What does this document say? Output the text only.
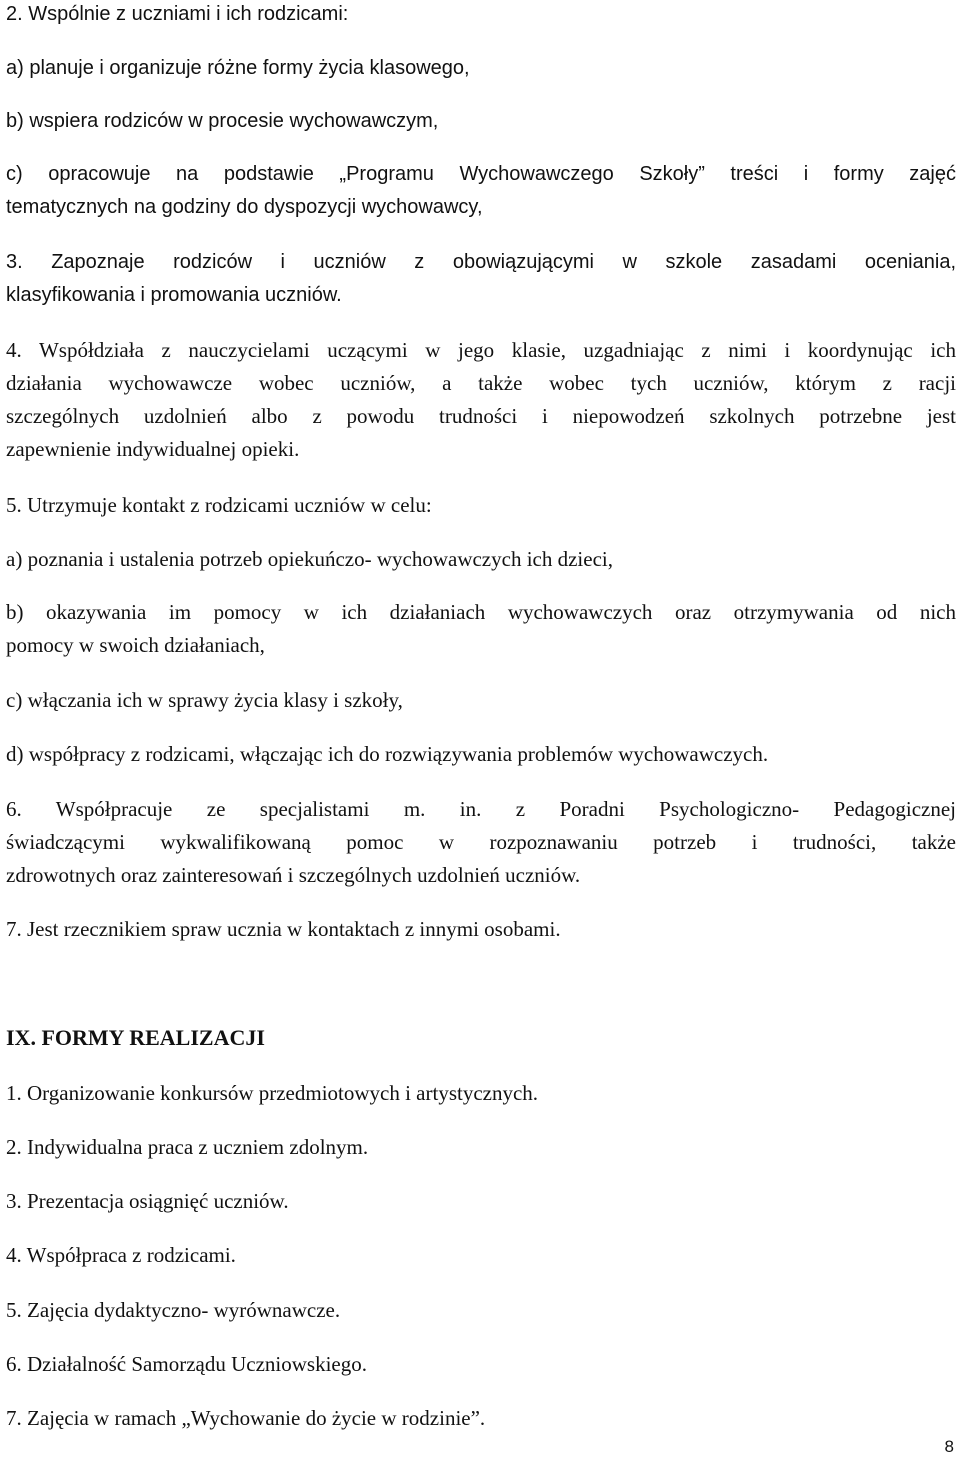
2. Wspólnie z uczniami i ich rodzicami:

a) planuje i organizuje różne formy życia klasowego,

b) wspiera rodziców w procesie wychowawczym,

c) opracowuje na podstawie „Programu Wychowawczego Szkoły” treści i formy zajęć

tematycznych na godziny do dyspozycji wychowawcy,

3. Zapoznaje rodziców i uczniów z obowiązującymi w szkole zasadami oceniania,

klasyfikowania i promowania uczniów.

4. Współdziała z nauczycielami uczącymi w jego klasie, uzgadniając z nimi i koordynując ich

działania wychowawcze wobec uczniów, a także wobec tych uczniów, którym z racji

szczególnych uzdolnień albo z powodu trudności i niepowodzeń szkolnych potrzebne jest

zapewnienie indywidualnej opieki.

5. Utrzymuje kontakt z rodzicami uczniów w celu:

a) poznania i ustalenia potrzeb opiekuńczo- wychowawczych ich dzieci,

b) okazywania im pomocy w ich działaniach wychowawczych oraz otrzymywania od nich

pomocy w swoich działaniach,

c) włączania ich w sprawy życia klasy i szkoły,

d) współpracy z rodzicami, włączając ich do rozwiązywania problemów wychowawczych.

6. Współpracuje ze specjalistami m. in. z Poradni Psychologiczno- Pedagogicznej

świadczącymi wykwalifikowaną pomoc w rozpoznawaniu potrzeb i trudności, także

zdrowotnych oraz zainteresowań i szczególnych uzdolnień uczniów.

7. Jest rzecznikiem spraw ucznia w kontaktach z innymi osobami.

IX. FORMY REALIZACJI

1. Organizowanie konkursów przedmiotowych i artystycznych.

2. Indywidualna praca z uczniem zdolnym.

3. Prezentacja osiągnięć uczniów.

4. Współpraca z rodzicami.

5. Zajęcia dydaktyczno- wyrównawcze.

6. Działalność Samorządu Uczniowskiego.

7. Zajęcia w ramach „Wychowanie do życie w rodzinie”.

8
